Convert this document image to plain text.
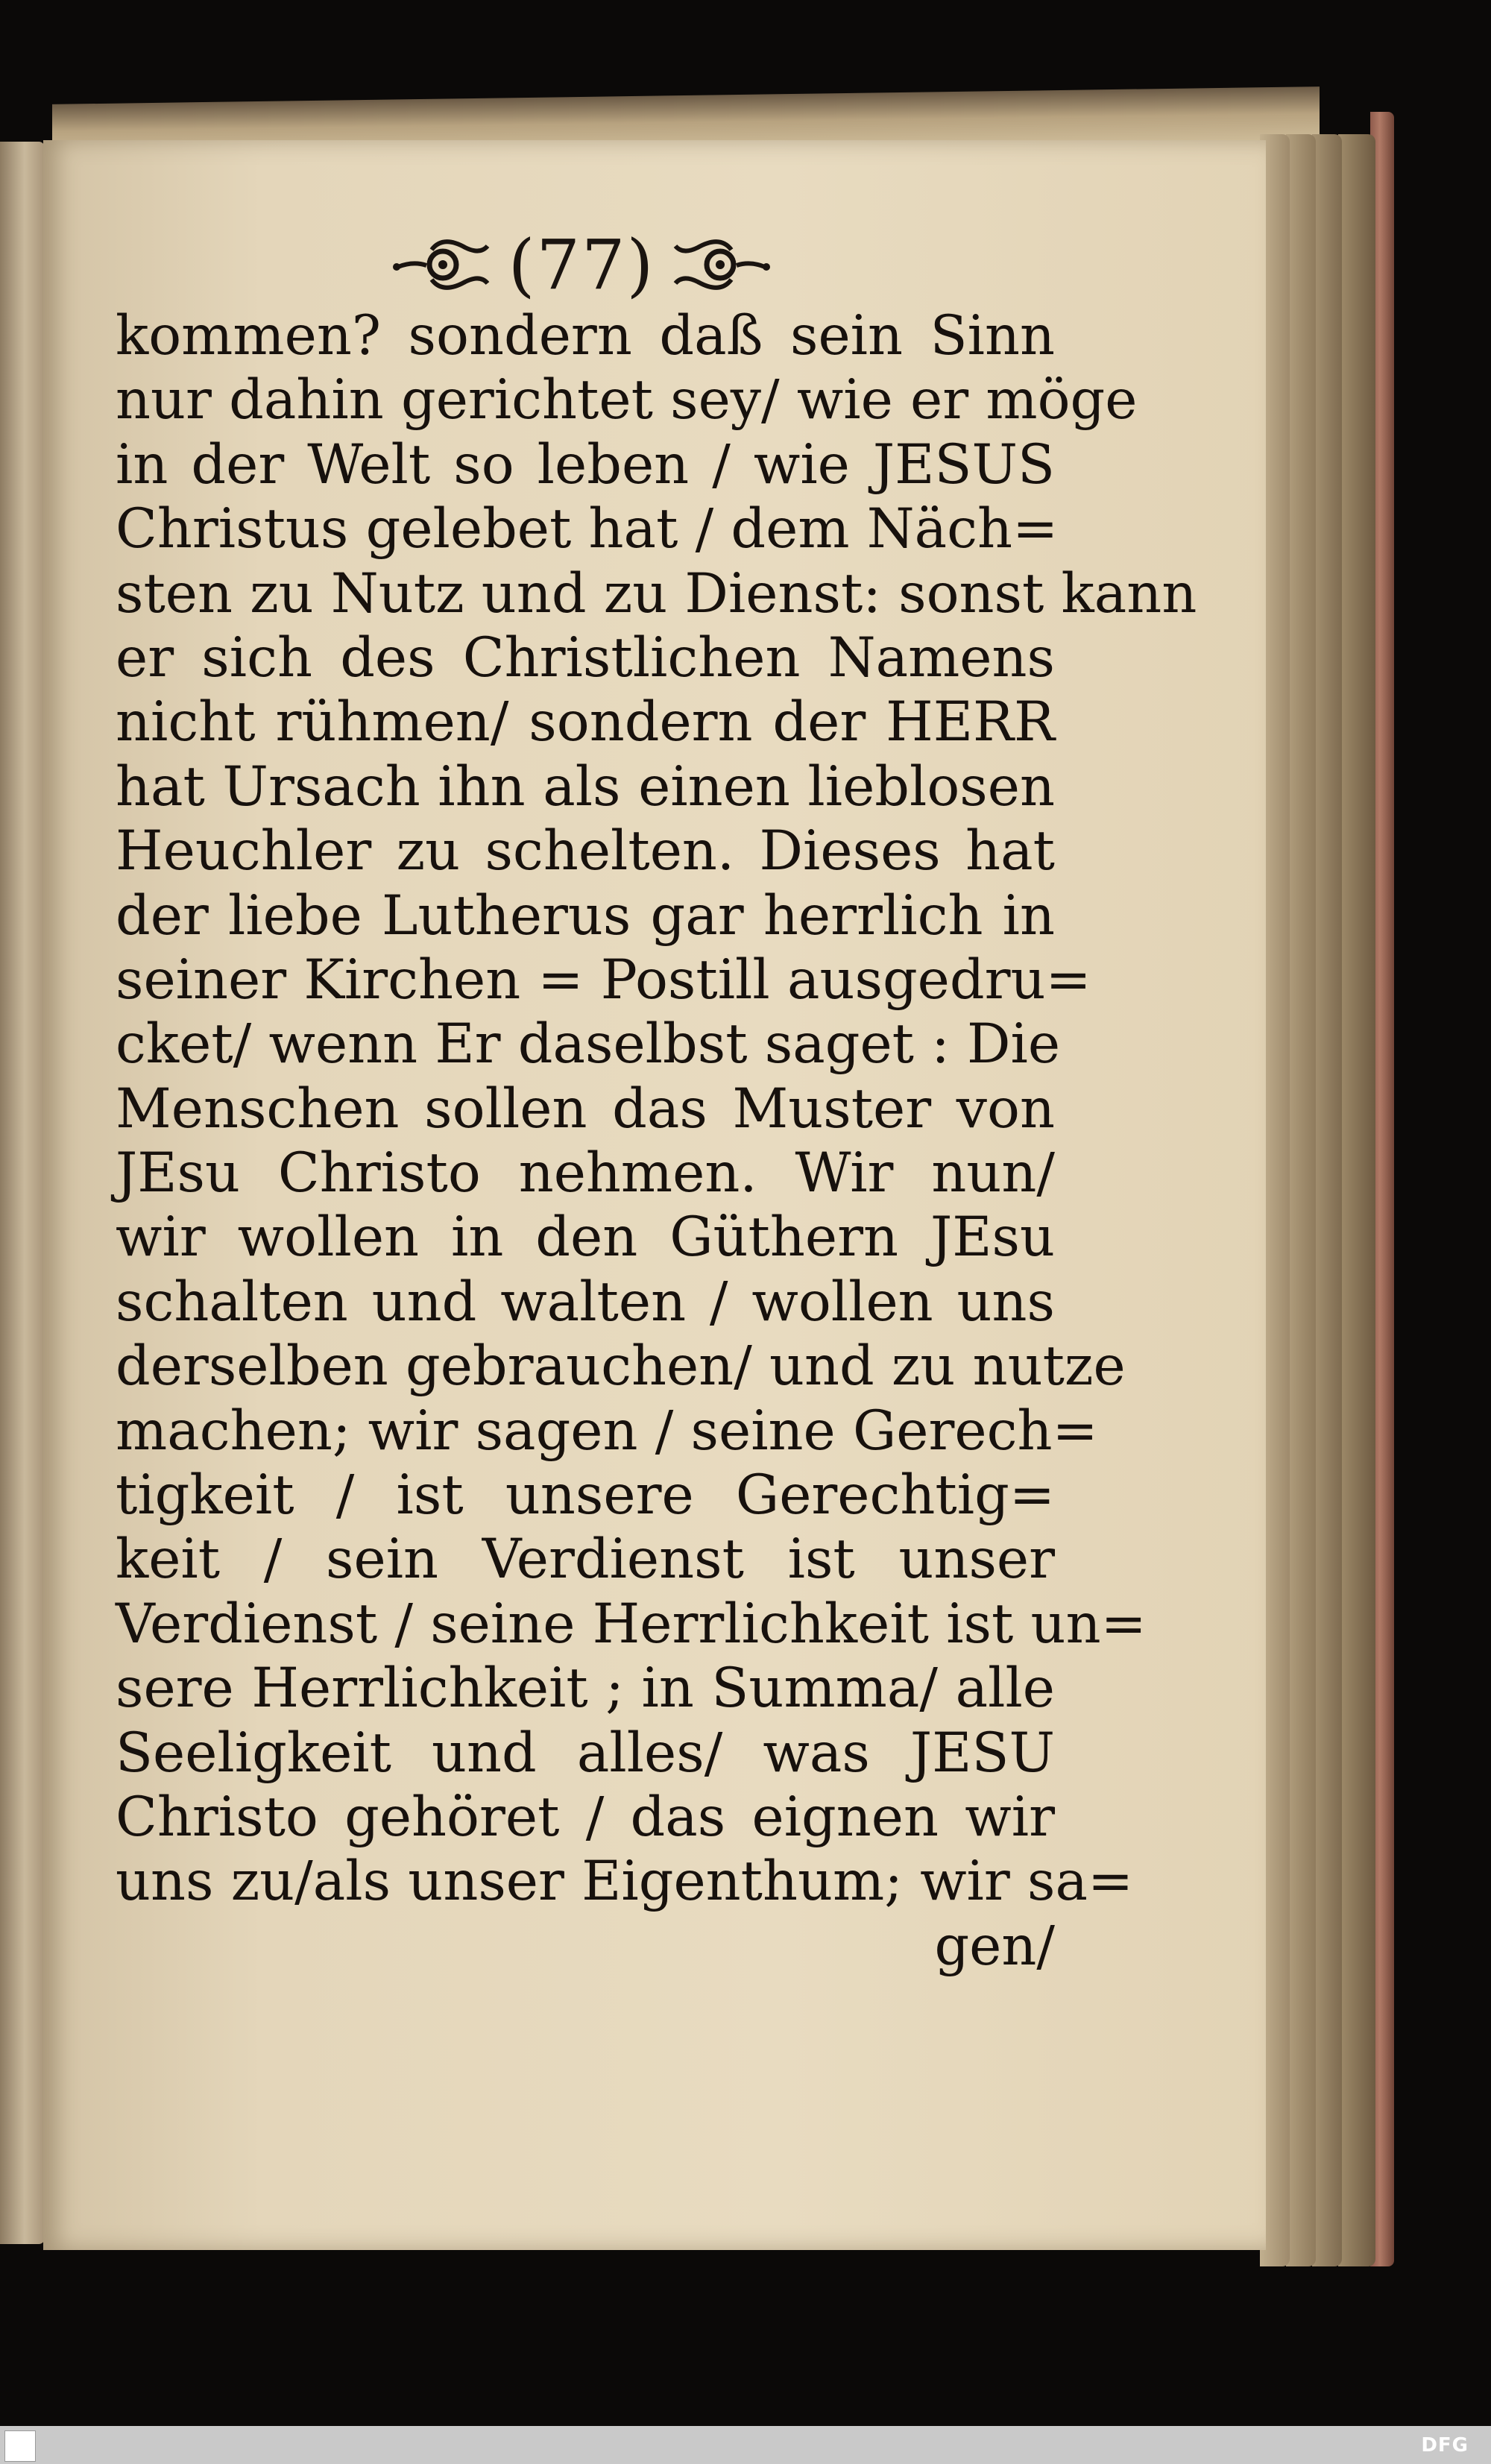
(77)
kommen? sondern daß sein Sinn
nur dahin gerichtet sey/ wie er möge
in der Welt so leben / wie JESUS
Christus gelebet hat / dem Näch=
sten zu Nutz und zu Dienst: sonst kann
er sich des Christlichen Namens
nicht rühmen/ sondern der HERR
hat Ursach ihn als einen lieblosen
Heuchler zu schelten. Dieses hat
der liebe Lutherus gar herrlich in
seiner Kirchen = Postill ausgedru=
cket/ wenn Er daselbst saget : Die
Menschen sollen das Muster von
JEsu Christo nehmen. Wir nun/
wir wollen in den Güthern JEsu
schalten und walten / wollen uns
derselben gebrauchen/ und zu nutze
machen; wir sagen / seine Gerech=
tigkeit / ist unsere Gerechtig=
keit / sein Verdienst ist unser
Verdienst / seine Herrlichkeit ist un=
sere Herrlichkeit ; in Summa/ alle
Seeligkeit und alles/ was JESU
Christo gehöret / das eignen wir
uns zu/als unser Eigenthum; wir sa=
gen/
DFG
